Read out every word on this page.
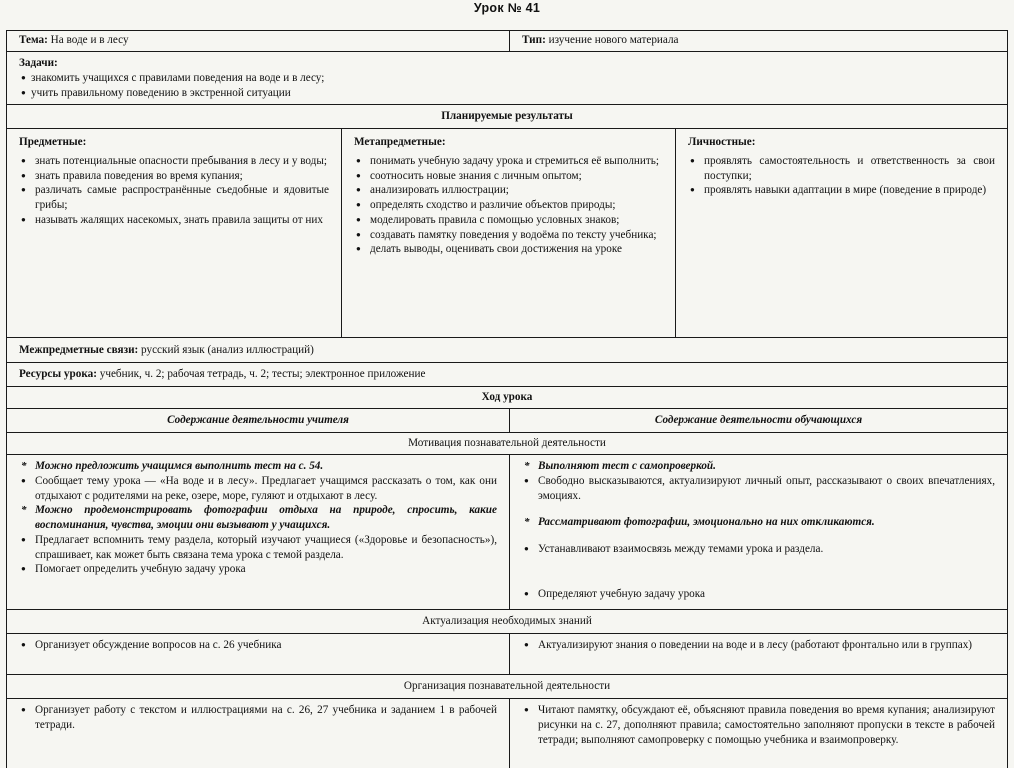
Урок № 41
Тема: На воде и в лесу	Тип: изучение нового материала
Задачи:
● знакомить учащихся с правилами поведения на воде и в лесу;
● учить правильному поведению в экстренной ситуации
Планируемые результаты
Предметные:
● знать потенциальные опасности пребывания в лесу и у воды;
● знать правила поведения во время купания;
● различать самые распространённые съедобные и ядовитые грибы;
● называть жалящих насекомых, знать правила защиты от них
Метапредметные:
● понимать учебную задачу урока и стремиться её выполнить;
● соотносить новые знания с личным опытом;
● анализировать иллюстрации;
● определять сходство и различие объектов природы;
● моделировать правила с помощью условных знаков;
● создавать памятку поведения у водоёма по тексту учебника;
● делать выводы, оценивать свои достижения на уроке
Личностные:
● проявлять самостоятельность и ответственность за свои поступки;
● проявлять навыки адаптации в мире (поведение в природе)
Межпредметные связи: русский язык (анализ иллюстраций)
Ресурсы урока: учебник, ч. 2; рабочая тетрадь, ч. 2; тесты; электронное приложение
Ход урока
Содержание деятельности учителя	Содержание деятельности обучающихся
Мотивация познавательной деятельности
* Можно предложить учащимся выполнить тест на с. 54.
● Сообщает тему урока — «На воде и в лесу». Предлагает учащимся рассказать о том, как они отдыхают с родителями на реке, озере, море, гуляют и отдыхают в лесу.
* Можно продемонстрировать фотографии отдыха на природе, спросить, какие воспоминания, чувства, эмоции они вызывают у учащихся.
● Предлагает вспомнить тему раздела, который изучают учащиеся («Здоровье и безопасность»), спрашивает, как может быть связана тема урока с темой раздела.
● Помогает определить учебную задачу урока
* Выполняют тест с самопроверкой.
● Свободно высказываются, актуализируют личный опыт, рассказывают о своих впечатлениях, эмоциях.
* Рассматривают фотографии, эмоционально на них откликаются.
● Устанавливают взаимосвязь между темами урока и раздела.
● Определяют учебную задачу урока
Актуализация необходимых знаний
● Организует обсуждение вопросов на с. 26 учебника
●	Актуализируют знания о поведении на воде и в лесу (работают фронтально или в группах)
Организация познавательной деятельности
● Организует работу с текстом и иллюстрациями на с. 26, 27 учебника и заданием 1 в рабочей тетради.
● Читают памятку, обсуждают её, объясняют правила поведения во время купания; анализируют рисунки на с. 27, дополняют правила; самостоятельно заполняют пропуски в тексте в рабочей тетради; выполняют самопроверку с помощью учебника и взаимопроверку.
